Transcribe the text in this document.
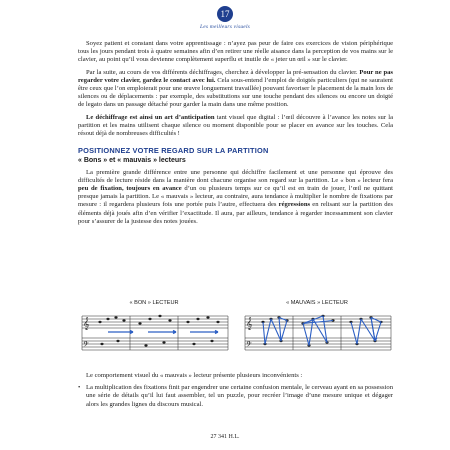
17
Les meilleurs visuels

Soyez patient et constant dans votre apprentissage : n’ayez pas peur de faire ces exercices de vision périphérique tous les jours pendant trois à quatre semaines afin d’en retirer une réelle aisance dans la perception de vos mains sur le clavier, au point qu’il vous devienne complètement superflu et inutile de « jeter un œil » sur le clavier.

Par la suite, au cours de vos différents déchiffrages, cherchez à développer la pré-sensation du clavier. Pour ne pas regarder votre clavier, gardez le contact avec lui. Cela sous-entend l’emploi de doigtés particuliers (qui ne sauraient être ceux que l’on emploierait pour une œuvre longuement travaillée) pouvant favoriser le placement de la main lors de silences ou de déplacements : par exemple, des substitutions sur une touche pendant des silences ou encore un doigté de legato dans un passage détaché pour garder la main dans une même position.

Le déchiffrage est ainsi un art d’anticipation tant visuel que digital : l’œil découvre à l’avance les notes sur la partition et les mains utilisent chaque silence ou moment disponible pour se placer en avance sur les touches. Cela résout déjà de nombreuses difficultés !

POSITIONNEZ VOTRE REGARD SUR LA PARTITION
« Bons » et « mauvais » lecteurs

La première grande différence entre une personne qui déchiffre facilement et une personne qui éprouve des difficultés de lecture réside dans la manière dont chacune organise son regard sur la partition. Le « bon » lecteur fera peu de fixation, toujours en avance d’un ou plusieurs temps sur ce qu’il est en train de jouer, l’œil ne quittant presque jamais la partition. Le « mauvais » lecteur, au contraire, aura tendance à multiplier le nombre de fixations par mesure : il regardera plusieurs fois une portée puis l’autre, effectuera des régressions en relisant sur la partition des éléments déjà joués afin d’en vérifier l’exactitude. Il aura, par ailleurs, tendance à regarder incessamment son clavier pour s’assurer de la justesse des notes jouées.

« BON » LECTEUR
𝄞
𝄢
« MAUVAIS » LECTEUR
𝄞
𝄢

Le comportement visuel du « mauvais » lecteur présente plusieurs inconvénients :

• La multiplication des fixations finit par engendrer une certaine confusion mentale, le cerveau ayant en sa possession une série de détails qu’il lui faut assembler, tel un puzzle, pour recréer l’image d’une mesure unique et dégager alors les grandes lignes du discours musical.
27 341 H.L.
